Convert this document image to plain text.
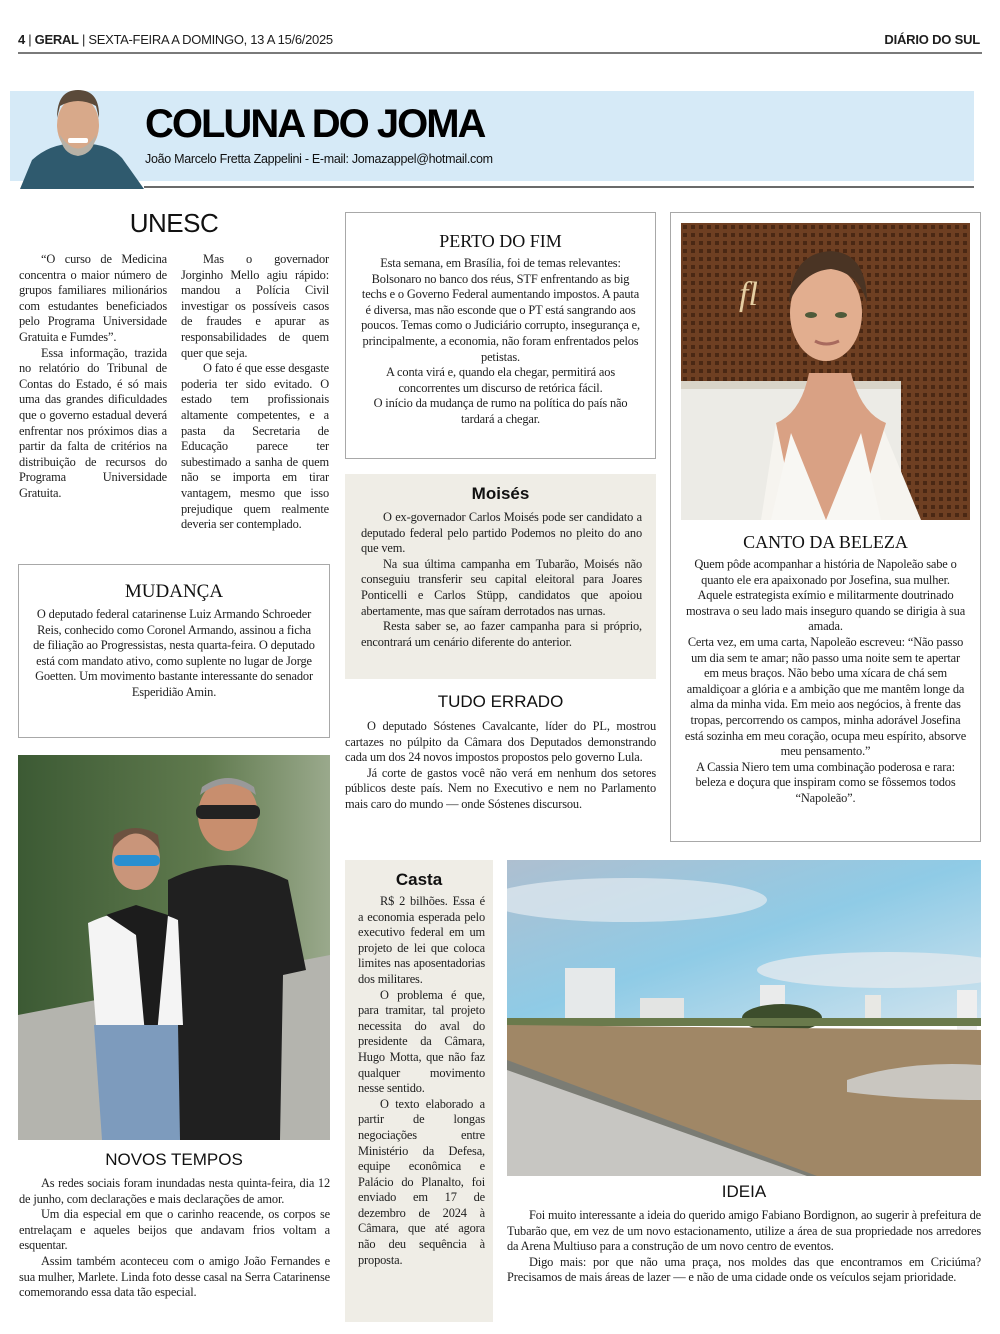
4 | GERAL | SEXTA-FEIRA A DOMINGO, 13 A 15/6/2025	DIÁRIO DO SUL
COLUNA DO JOMA
João Marcelo Fretta Zappelini - E-mail: Jomazappel@hotmail.com
UNESC

“O curso de Medicina concentra o maior número de grupos familiares milionários com estudantes beneficiados pelo Programa Universidade Gratuita e Fumdes”.

Essa informação, trazida no relatório do Tribunal de Contas do Estado, é só mais uma das grandes dificuldades que o governo estadual deverá enfrentar nos próximos dias a partir da falta de critérios na distribuição de recursos do Programa Universidade Gratuita.

Mas o governador Jorginho Mello agiu rápido: mandou a Polícia Civil investigar os possíveis casos de fraudes e apurar as responsabilidades de quem quer que seja.

O fato é que esse desgaste poderia ter sido evitado. O estado tem profissionais altamente competentes, e a pasta da Secretaria de Educação parece ter subestimado a sanha de quem não se importa em tirar vantagem, mesmo que isso prejudique quem realmente deveria ser contemplado.

MUDANÇA

O deputado federal catarinense Luiz Armando Schroeder Reis, conhecido como Coronel Armando, assinou a ficha de filiação ao Progressistas, nesta quarta-feira. O deputado está com mandato ativo, como suplente no lugar de Jorge Goetten. Um movimento bastante interessante do senador Esperidião Amin.

NOVOS TEMPOS

As redes sociais foram inundadas nesta quinta-feira, dia 12 de junho, com declarações e mais declarações de amor.

Um dia especial em que o carinho reacende, os corpos se entrelaçam e aqueles beijos que andavam frios voltam a esquentar.

Assim também aconteceu com o amigo João Fernandes e sua mulher, Marlete. Linda foto desse casal na Serra Catarinense comemorando essa data tão especial.

PERTO DO FIM

Esta semana, em Brasília, foi de temas relevantes: Bolsonaro no banco dos réus, STF enfrentando as big techs e o Governo Federal aumentando impostos. A pauta é diversa, mas não esconde que o PT está sangrando aos poucos. Temas como o Judiciário corrupto, insegurança e, principalmente, a economia, não foram enfrentados pelos petistas.

A conta virá e, quando ela chegar, permitirá aos concorrentes um discurso de retórica fácil.

O início da mudança de rumo na política do país não tardará a chegar.

Moisés

O ex-governador Carlos Moisés pode ser candidato a deputado federal pelo partido Podemos no pleito do ano que vem.

Na sua última campanha em Tubarão, Moisés não conseguiu transferir seu capital eleitoral para Joares Ponticelli e Carlos Stüpp, candidatos que apoiou abertamente, mas que saíram derrotados nas urnas.

Resta saber se, ao fazer campanha para si próprio, encontrará um cenário diferente do anterior.

TUDO ERRADO

O deputado Sóstenes Cavalcante, líder do PL, mostrou cartazes no púlpito da Câmara dos Deputados demonstrando cada um dos 24 novos impostos propostos pelo governo Lula.

Já corte de gastos você não verá em nenhum dos setores públicos deste país. Nem no Executivo e nem no Parlamento mais caro do mundo — onde Sóstenes discursou.

Casta

R$ 2 bilhões. Essa é a economia esperada pelo executivo federal em um projeto de lei que coloca limites nas aposentadorias dos militares.

O problema é que, para tramitar, tal projeto necessita do aval do presidente da Câmara, Hugo Motta, que não faz qualquer movimento nesse sentido.

O texto elaborado a partir de longas negociações entre Ministério da Defesa, equipe econômica e Palácio do Planalto, foi enviado em 17 de dezembro de 2024 à Câmara, que até agora não deu sequência à proposta.

fl
CANTO DA BELEZA

Quem pôde acompanhar a história de Napoleão sabe o quanto ele era apaixonado por Josefina, sua mulher. Aquele estrategista exímio e militarmente doutrinado mostrava o seu lado mais inseguro quando se dirigia à sua amada.

Certa vez, em uma carta, Napoleão escreveu: “Não passo um dia sem te amar; não passo uma noite sem te apertar em meus braços. Não bebo uma xícara de chá sem amaldiçoar a glória e a ambição que me mantêm longe da alma da minha vida. Em meio aos negócios, à frente das tropas, percorrendo os campos, minha adorável Josefina está sozinha em meu coração, ocupa meu espírito, absorve meu pensamento.”

A Cassia Niero tem uma combinação poderosa e rara: beleza e doçura que inspiram como se fôssemos todos “Napoleão”.

IDEIA

Foi muito interessante a ideia do querido amigo Fabiano Bordignon, ao sugerir à prefeitura de Tubarão que, em vez de um novo estacionamento, utilize a área de sua propriedade nos arredores da Arena Multiuso para a construção de um novo centro de eventos.

Digo mais: por que não uma praça, nos moldes das que encontramos em Criciúma? Precisamos de mais áreas de lazer — e não de uma cidade onde os veículos sejam prioridade.
